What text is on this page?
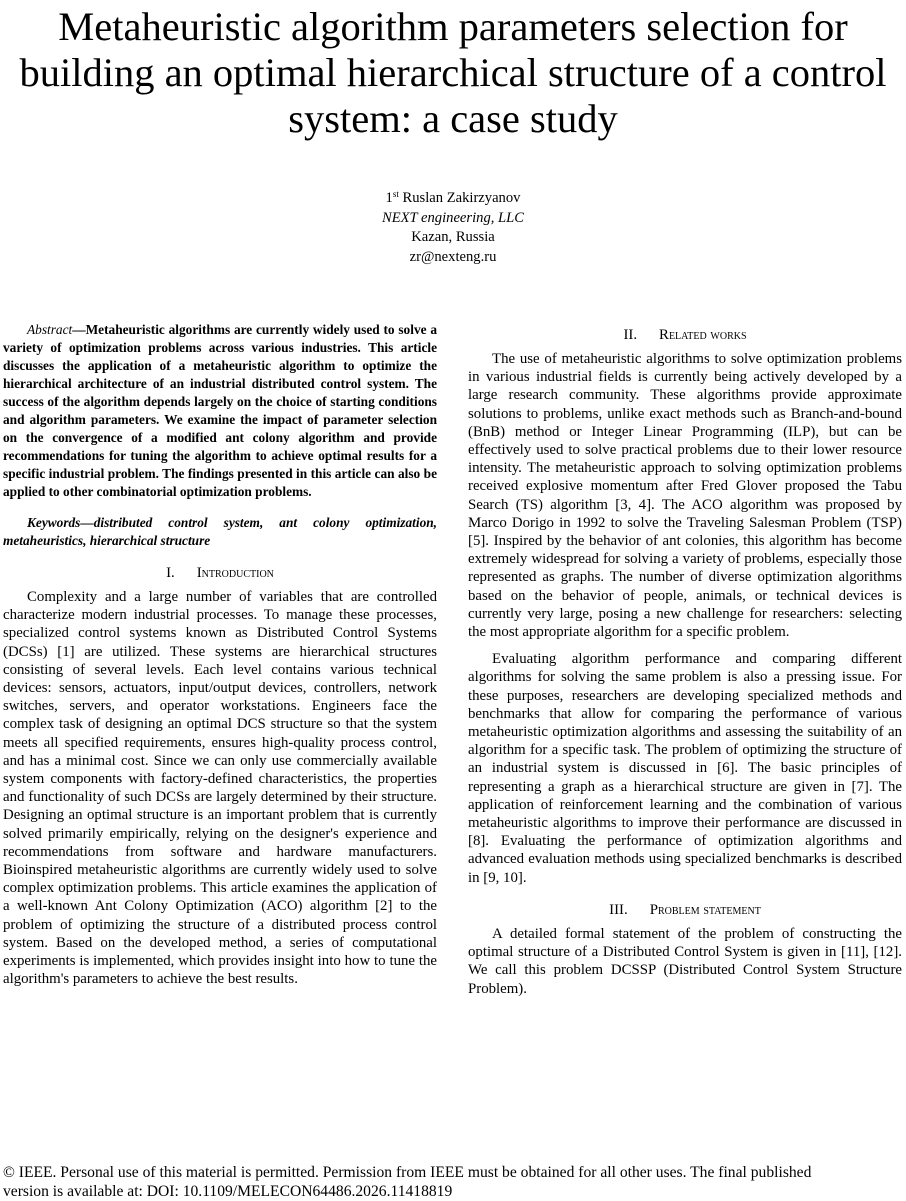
Metaheuristic algorithm parameters selection for building an optimal hierarchical structure of a control system: a case study
1st Ruslan Zakirzyanov
NEXT engineering, LLC
Kazan, Russia
zr@nexteng.ru

Abstract—Metaheuristic algorithms are currently widely used to solve a variety of optimization problems across various industries. This article discusses the application of a metaheuristic algorithm to optimize the hierarchical architecture of an industrial distributed control system. The success of the algorithm depends largely on the choice of starting conditions and algorithm parameters. We examine the impact of parameter selection on the convergence of a modified ant colony algorithm and provide recommendations for tuning the algorithm to achieve optimal results for a specific industrial problem. The findings presented in this article can also be applied to other combinatorial optimization problems.

Keywords—distributed control system, ant colony optimization, metaheuristics, hierarchical structure

I. Introduction

Complexity and a large number of variables that are controlled characterize modern industrial processes. To manage these processes, specialized control systems known as Distributed Control Systems (DCSs) [1] are utilized. These systems are hierarchical structures consisting of several levels. Each level contains various technical devices: sensors, actuators, input/output devices, controllers, network switches, servers, and operator workstations. Engineers face the complex task of designing an optimal DCS structure so that the system meets all specified requirements, ensures high-quality process control, and has a minimal cost. Since we can only use commercially available system components with factory-defined characteristics, the properties and functionality of such DCSs are largely determined by their structure. Designing an optimal structure is an important problem that is currently solved primarily empirically, relying on the designer's experience and recommendations from software and hardware manufacturers. Bioinspired metaheuristic algorithms are currently widely used to solve complex optimization problems. This article examines the application of a well-known Ant Colony Optimization (ACO) algorithm [2] to the problem of optimizing the structure of a distributed process control system. Based on the developed method, a series of computational experiments is implemented, which provides insight into how to tune the algorithm's parameters to achieve the best results.

II. Related works

The use of metaheuristic algorithms to solve optimization problems in various industrial fields is currently being actively developed by a large research community. These algorithms provide approximate solutions to problems, unlike exact methods such as Branch-and-bound (BnB) method or Integer Linear Programming (ILP), but can be effectively used to solve practical problems due to their lower resource intensity. The metaheuristic approach to solving optimization problems received explosive momentum after Fred Glover proposed the Tabu Search (TS) algorithm [3, 4]. The ACO algorithm was proposed by Marco Dorigo in 1992 to solve the Traveling Salesman Problem (TSP) [5]. Inspired by the behavior of ant colonies, this algorithm has become extremely widespread for solving a variety of problems, especially those represented as graphs. The number of diverse optimization algorithms based on the behavior of people, animals, or technical devices is currently very large, posing a new challenge for researchers: selecting the most appropriate algorithm for a specific problem.

Evaluating algorithm performance and comparing different algorithms for solving the same problem is also a pressing issue. For these purposes, researchers are developing specialized methods and benchmarks that allow for comparing the performance of various metaheuristic optimization algorithms and assessing the suitability of an algorithm for a specific task. The problem of optimizing the structure of an industrial system is discussed in [6]. The basic principles of representing a graph as a hierarchical structure are given in [7]. The application of reinforcement learning and the combination of various metaheuristic algorithms to improve their performance are discussed in [8]. Evaluating the performance of optimization algorithms and advanced evaluation methods using specialized benchmarks is described in [9, 10].

III. Problem statement

A detailed formal statement of the problem of constructing the optimal structure of a Distributed Control System is given in [11], [12]. We call this problem DCSSP (Distributed Control System Structure Problem).

© IEEE. Personal use of this material is permitted. Permission from IEEE must be obtained for all other uses. The final published

version is available at: DOI: 10.1109/MELECON64486.2026.11418819
